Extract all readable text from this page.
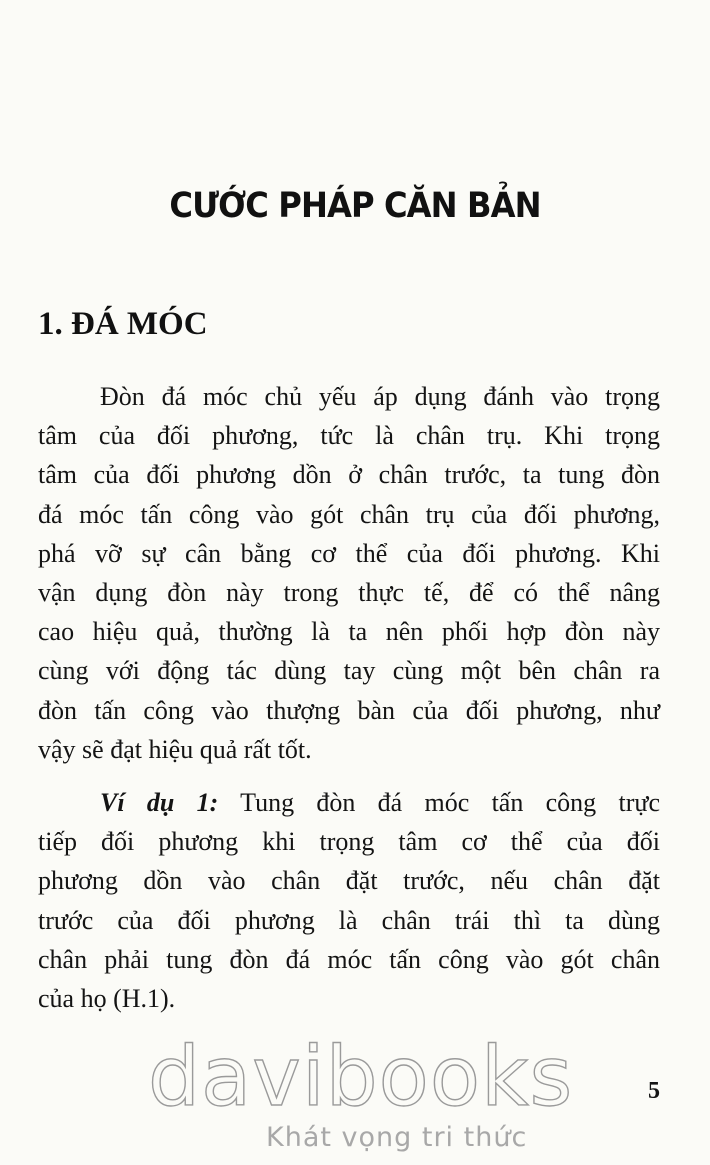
CƯỚC PHÁP CĂN BẢN
1. ĐÁ MÓC
Đòn đá móc chủ yếu áp dụng đánh vào trọng
tâm của đối phương, tức là chân trụ. Khi trọng
tâm của đối phương dồn ở chân trước, ta tung đòn
đá móc tấn công vào gót chân trụ của đối phương,
phá vỡ sự cân bằng cơ thể của đối phương. Khi
vận dụng đòn này trong thực tế, để có thể nâng
cao hiệu quả, thường là ta nên phối hợp đòn này
cùng với động tác dùng tay cùng một bên chân ra
đòn tấn công vào thượng bàn của đối phương, như
vậy sẽ đạt hiệu quả rất tốt.
Ví dụ 1: Tung đòn đá móc tấn công trực
tiếp đối phương khi trọng tâm cơ thể của đối
phương dồn vào chân đặt trước, nếu chân đặt
trước của đối phương là chân trái thì ta dùng
chân phải tung đòn đá móc tấn công vào gót chân
của họ (H.1).
davibooks
Khát vọng tri thức
5
